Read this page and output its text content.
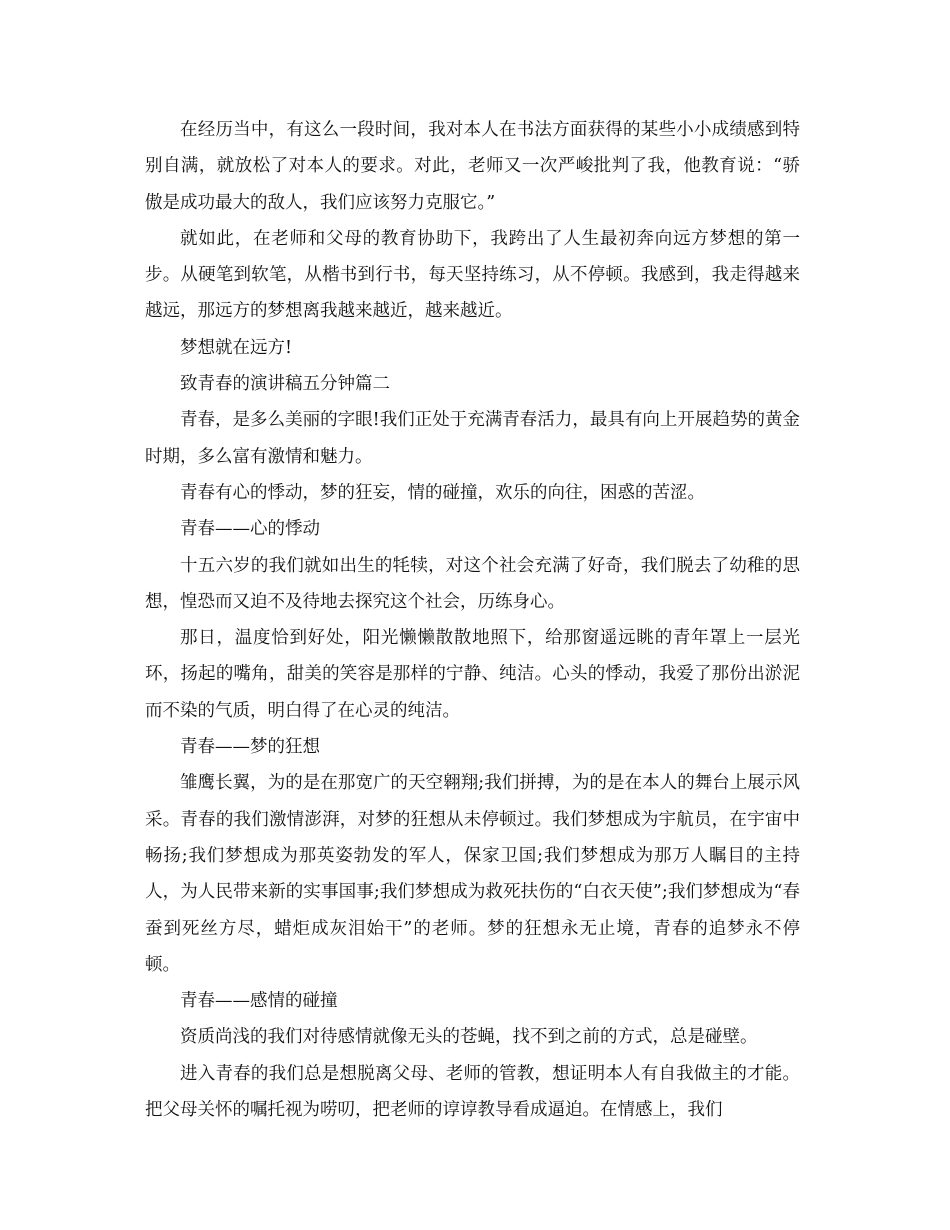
在经历当中，有这么一段时间，我对本人在书法方面获得的某些小小成绩感到特别自满，就放松了对本人的要求。对此，老师又一次严峻批判了我，他教育说：“骄傲是成功最大的敌人，我们应该努力克服它。”

就如此，在老师和父母的教育协助下，我跨出了人生最初奔向远方梦想的第一步。从硬笔到软笔，从楷书到行书，每天坚持练习，从不停顿。我感到，我走得越来越远，那远方的梦想离我越来越近，越来越近。

梦想就在远方!

致青春的演讲稿五分钟篇二

青春，是多么美丽的字眼!我们正处于充满青春活力，最具有向上开展趋势的黄金时期，多么富有激情和魅力。

青春有心的悸动，梦的狂妄，情的碰撞，欢乐的向往，困惑的苦涩。

青春——心的悸动

十五六岁的我们就如出生的牦犊，对这个社会充满了好奇，我们脱去了幼稚的思想，惶恐而又迫不及待地去探究这个社会，历练身心。

那日，温度恰到好处，阳光懒懒散散地照下，给那窗遥远眺的青年罩上一层光环，扬起的嘴角，甜美的笑容是那样的宁静、纯洁。心头的悸动，我爱了那份出淤泥而不染的气质，明白得了在心灵的纯洁。

青春——梦的狂想

雏鹰长翼，为的是在那宽广的天空翱翔;我们拼搏，为的是在本人的舞台上展示风采。青春的我们激情澎湃，对梦的狂想从未停顿过。我们梦想成为宇航员，在宇宙中畅扬;我们梦想成为那英姿勃发的军人，保家卫国;我们梦想成为那万人瞩目的主持人，为人民带来新的实事国事;我们梦想成为救死扶伤的“白衣天使”;我们梦想成为“春蚕到死丝方尽，蜡炬成灰泪始干”的老师。梦的狂想永无止境，青春的追梦永不停顿。

青春——感情的碰撞

资质尚浅的我们对待感情就像无头的苍蝇，找不到之前的方式，总是碰壁。

进入青春的我们总是想脱离父母、老师的管教，想证明本人有自我做主的才能。把父母关怀的嘱托视为唠叨，把老师的谆谆教导看成逼迫。在情感上，我们
